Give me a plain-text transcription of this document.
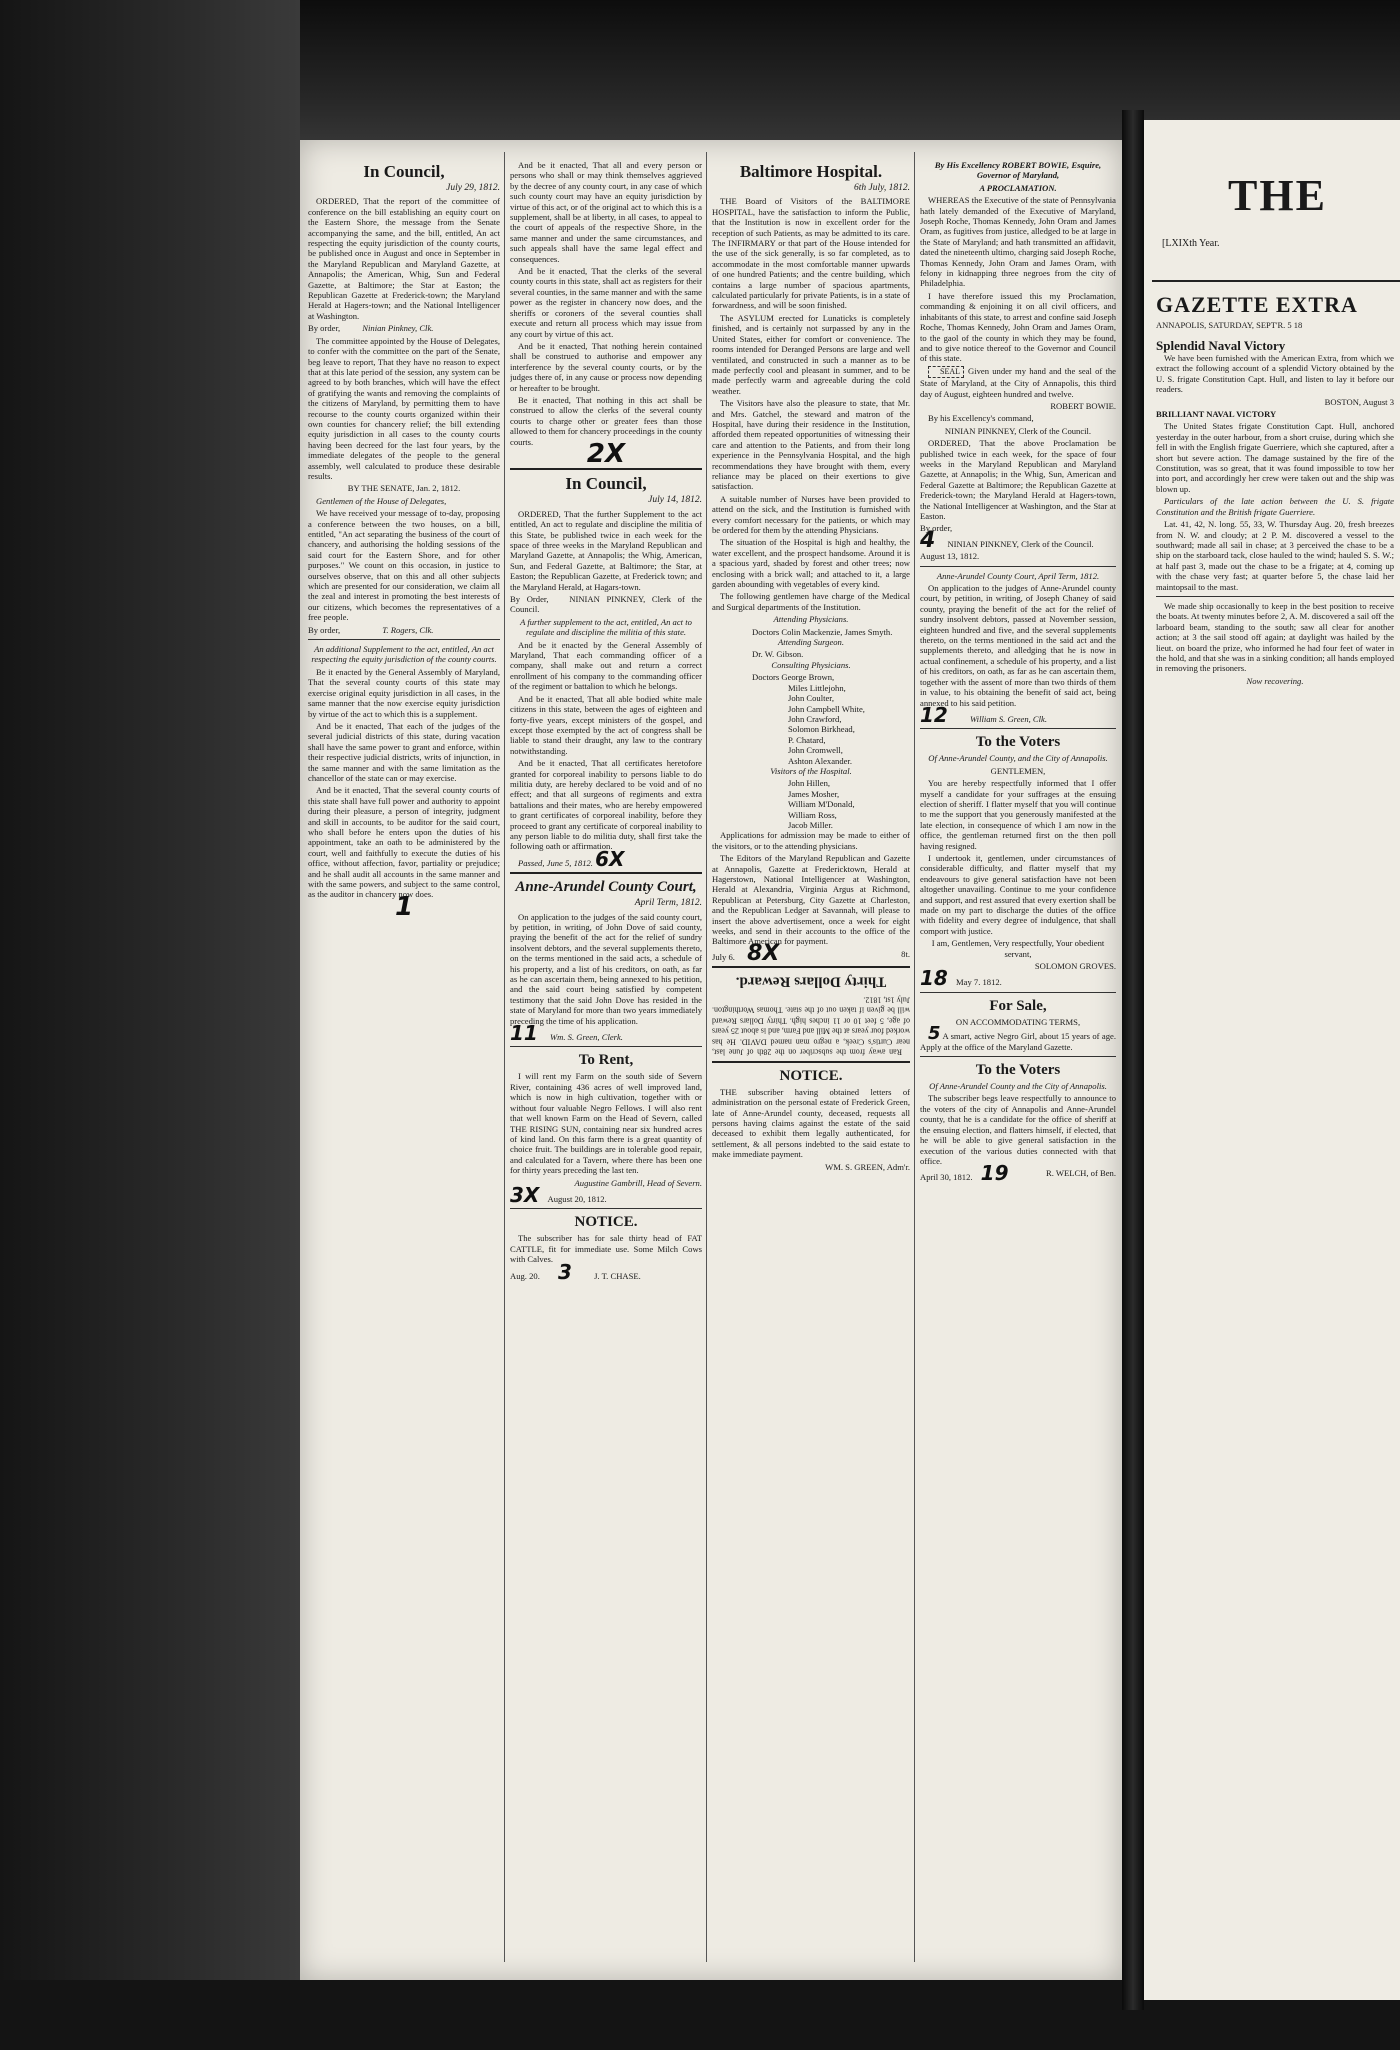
In Council,
July 29, 1812.

ORDERED, That the report of the committee of conference on the bill establishing an equity court on the Eastern Shore, the message from the Senate accompanying the same, and the bill, entitled, An act respecting the equity jurisdiction of the county courts, be published once in August and once in September in the Maryland Republican and Maryland Gazette, at Annapolis; the American, Whig, Sun and Federal Gazette, at Baltimore; the Star at Easton; the Republican Gazette at Frederick-town; the Maryland Herald at Hagers-town; and the National Intelligencer at Washington.

By order,	Ninian Pinkney, Clk.

The committee appointed by the House of Delegates, to confer with the committee on the part of the Senate, beg leave to report, That they have no reason to expect that at this late period of the session, any system can be agreed to by both branches, which will have the effect of gratifying the wants and removing the complaints of the citizens of Maryland, by permitting them to have recourse to the county courts organized within their own counties for chancery relief; the bill extending equity jurisdiction in all cases to the county courts having been decreed for the last four years, by the immediate delegates of the people to the general assembly, well calculated to produce these desirable results.

BY THE SENATE, Jan. 2, 1812.

Gentlemen of the House of Delegates,

We have received your message of to-day, proposing a conference between the two houses, on a bill, entitled, "An act separating the business of the court of chancery, and authorising the holding sessions of the said court for the Eastern Shore, and for other purposes." We count on this occasion, in justice to ourselves observe, that on this and all other subjects which are presented for our consideration, we claim all the zeal and interest in promoting the best interests of our citizens, which becomes the representatives of a free people.

By order,	T. Rogers, Clk.

An additional Supplement to the act, entitled, An act respecting the equity jurisdiction of the county courts.

Be it enacted by the General Assembly of Maryland, That the several county courts of this state may exercise original equity jurisdiction in all cases, in the same manner that the now exercise equity jurisdiction by virtue of the act to which this is a supplement.

And be it enacted, That each of the judges of the several judicial districts of this state, during vacation shall have the same power to grant and enforce, within their respective judicial districts, writs of injunction, in the same manner and with the same limitation as the chancellor of the state can or may exercise.

And be it enacted, That the several county courts of this state shall have full power and authority to appoint during their pleasure, a person of integrity, judgment and skill in accounts, to be auditor for the said court, who shall before he enters upon the duties of his appointment, take an oath to be administered by the court, well and faithfully to execute the duties of his office, without affection, favor, partiality or prejudice; and he shall audit all accounts in the same manner and with the same powers, and subject to the same control, as the auditor in chancery now does.

1

And be it enacted, That all and every person or persons who shall or may think themselves aggrieved by the decree of any county court, in any case of which such county court may have an equity jurisdiction by virtue of this act, or of the original act to which this is a supplement, shall be at liberty, in all cases, to appeal to the court of appeals of the respective Shore, in the same manner and under the same circumstances, and such appeals shall have the same legal effect and consequences.

And be it enacted, That the clerks of the several county courts in this state, shall act as registers for their several counties, in the same manner and with the same power as the register in chancery now does, and the sheriffs or coroners of the several counties shall execute and return all process which may issue from any court by virtue of this act.

And be it enacted, That nothing herein contained shall be construed to authorise and empower any interference by the several county courts, or by the judges there of, in any cause or process now depending or hereafter to be brought.

Be it enacted, That nothing in this act shall be construed to allow the clerks of the several county courts to charge other or greater fees than those allowed to them for chancery proceedings in the county courts.	2X
In Council,
July 14, 1812.

ORDERED, That the further Supplement to the act entitled, An act to regulate and discipline the militia of this State, be published twice in each week for the space of three weeks in the Maryland Republican and Maryland Gazette, at Annapolis; the Whig, American, Sun, and Federal Gazette, at Baltimore; the Star, at Easton; the Republican Gazette, at Frederick town; and the Maryland Herald, at Hagars-town.

By Order, NINIAN PINKNEY, Clerk of the Council.

A further supplement to the act, entitled, An act to regulate and discipline the militia of this state.

And be it enacted by the General Assembly of Maryland, That each commanding officer of a company, shall make out and return a correct enrollment of his company to the commanding officer of the regiment or battalion to which he belongs.

And be it enacted, That all able bodied white male citizens in this state, between the ages of eighteen and forty-five years, except ministers of the gospel, and except those exempted by the act of congress shall be liable to stand their draught, any law to the contrary notwithstanding.

And be it enacted, That all certificates heretofore granted for corporeal inability to persons liable to do militia duty, are hereby declared to be void and of no effect; and that all surgeons of regiments and extra battalions and their mates, who are hereby empowered to grant certificates of corporeal inability, before they proceed to grant any certificate of corporeal inability to any person liable to do militia duty, shall first take the following oath or affirmation.

Passed, June 5, 1812. 6X

Anne-Arundel County Court,
April Term, 1812.

On application to the judges of the said county court, by petition, in writing, of John Dove of said county, praying the benefit of the act for the relief of sundry insolvent debtors, and the several supplements thereto, on the terms mentioned in the said acts, a schedule of his property, and a list of his creditors, on oath, as far as he can ascertain them, being annexed to his petition, and the said court being satisfied by competent testimony that the said John Dove has resided in the state of Maryland for more than two years immediately preceding the time of his application.

11 Wm. S. Green, Clerk.

To Rent,

I will rent my Farm on the south side of Severn River, containing 436 acres of well improved land, which is now in high cultivation, together with or without four valuable Negro Fellows. I will also rent that well known Farm on the Head of Severn, called THE RISING SUN, containing near six hundred acres of kind land. On this farm there is a great quantity of choice fruit. The buildings are in tolerable good repair, and calculated for a Tavern, where there has been one for thirty years preceding the last ten.

Augustine Gambrill, Head of Severn.

3X August 20, 1812.

NOTICE.

The subscriber has for sale thirty head of FAT CATTLE, fit for immediate use. Some Milch Cows with Calves.

Aug. 20. 3	J. T. CHASE.

Baltimore Hospital.
6th July, 1812.

THE Board of Visitors of the BALTIMORE HOSPITAL, have the satisfaction to inform the Public, that the Institution is now in excellent order for the reception of such Patients, as may be admitted to its care. The INFIRMARY or that part of the House intended for the use of the sick generally, is so far completed, as to accommodate in the most comfortable manner upwards of one hundred Patients; and the centre building, which contains a large number of spacious apartments, calculated particularly for private Patients, is in a state of forwardness, and will be soon finished.

The ASYLUM erected for Lunaticks is completely finished, and is certainly not surpassed by any in the United States, either for comfort or convenience. The rooms intended for Deranged Persons are large and well ventilated, and constructed in such a manner as to be made perfectly cool and pleasant in summer, and to be made perfectly warm and agreeable during the cold weather.

The Visitors have also the pleasure to state, that Mr. and Mrs. Gatchel, the steward and matron of the Hospital, have during their residence in the Institution, afforded them repeated opportunities of witnessing their care and attention to the Patients, and from their long experience in the Pennsylvania Hospital, and the high recommendations they have brought with them, every reliance may be placed on their exertions to give satisfaction.

A suitable number of Nurses have been provided to attend on the sick, and the Institution is furnished with every comfort necessary for the patients, or which may be ordered for them by the attending Physicians.

The situation of the Hospital is high and healthy, the water excellent, and the prospect handsome. Around it is a spacious yard, shaded by forest and other trees; now enclosing with a brick wall; and attached to it, a large garden abounding with vegetables of every kind.

The following gentlemen have charge of the Medical and Surgical departments of the Institution.

Attending Physicians.

Doctors Colin Mackenzie, James Smyth.

Attending Surgeon.

Dr. W. Gibson.

Consulting Physicians.

Doctors George Brown,

Miles Littlejohn,

John Coulter,

John Campbell White,

John Crawford,

Solomon Birkhead,

P. Chatard,

John Cromwell,

Ashton Alexander.

Visitors of the Hospital.

John Hillen,

James Mosher,

William M'Donald,

William Ross,

Jacob Miller.

Applications for admission may be made to either of the visitors, or to the attending physicians.

The Editors of the Maryland Republican and Gazette at Annapolis, Gazette at Fredericktown, Herald at Hagerstown, National Intelligencer at Washington, Herald at Alexandria, Virginia Argus at Richmond, Republican at Petersburg, City Gazette at Charleston, and the Republican Ledger at Savannah, will please to insert the above advertisement, once a week for eight weeks, and send in their accounts to the office of the Baltimore American for payment.

July 6. 8X	8t.

Ran away from the subscriber on the 28th of June last, near Curtis's Creek, a negro man named DAVID. He has worked four years at the Mill and Farm, and is about 25 years of age, 5 feet 10 or 11 inches high. Thirty Dollars Reward will be given if taken out of the state. Thomas Worthington. July 1st, 1812.

Thirty Dollars Reward.
NOTICE.

THE subscriber having obtained letters of administration on the personal estate of Frederick Green, late of Anne-Arundel county, deceased, requests all persons having claims against the estate of the said deceased to exhibit them legally authenticated, for settlement, & all persons indebted to the said estate to make immediate payment.

WM. S. GREEN, Adm'r.

By His Excellency ROBERT BOWIE, Esquire, Governor of Maryland,

A PROCLAMATION.

WHEREAS the Executive of the state of Pennsylvania hath lately demanded of the Executive of Maryland, Joseph Roche, Thomas Kennedy, John Oram and James Oram, as fugitives from justice, alledged to be at large in the State of Maryland; and hath transmitted an affidavit, dated the nineteenth ultimo, charging said Joseph Roche, Thomas Kennedy, John Oram and James Oram, with felony in kidnapping three negroes from the city of Philadelphia.

I have therefore issued this my Proclamation, commanding & enjoining it on all civil officers, and inhabitants of this state, to arrest and confine said Joseph Roche, Thomas Kennedy, John Oram and James Oram, to the gaol of the county in which they may be found, and to give notice thereof to the Governor and Council of this state.

SEAL Given under my hand and the seal of the State of Maryland, at the City of Annapolis, this third day of August, eighteen hundred and twelve.

ROBERT BOWIE.

By his Excellency's command,

NINIAN PINKNEY, Clerk of the Council.

ORDERED, That the above Proclamation be published twice in each week, for the space of four weeks in the Maryland Republican and Maryland Gazette, at Annapolis; in the Whig, Sun, American and Federal Gazette at Baltimore; the Republican Gazette at Frederick-town; the Maryland Herald at Hagers-town, the National Intelligencer at Washington, and the Star at Easton.

By order,

4 NINIAN PINKNEY, Clerk of the Council.

August 13, 1812.

Anne-Arundel County Court, April Term, 1812.

On application to the judges of Anne-Arundel county court, by petition, in writing, of Joseph Chaney of said county, praying the benefit of the act for the relief of sundry insolvent debtors, passed at November session, eighteen hundred and five, and the several supplements thereto, on the terms mentioned in the said act and the supplements thereto, and alledging that he is now in actual confinement, a schedule of his property, and a list of his creditors, on oath, as far as he can ascertain them, together with the assent of more than two thirds of them in value, to his obtaining the benefit of said act, being annexed to his said petition.

12	William S. Green, Clk.

To the Voters

Of Anne-Arundel County, and the City of Annapolis.

GENTLEMEN,

You are hereby respectfully informed that I offer myself a candidate for your suffrages at the ensuing election of sheriff. I flatter myself that you will continue to me the support that you generously manifested at the late election, in consequence of which I am now in the office, the gentleman returned first on the then poll having resigned.

I undertook it, gentlemen, under circumstances of considerable difficulty, and flatter myself that my endeavours to give general satisfaction have not been altogether unavailing. Continue to me your confidence and support, and rest assured that every exertion shall be made on my part to discharge the duties of the office with fidelity and every degree of indulgence, that shall comport with justice.

I am, Gentlemen, Very respectfully, Your obedient servant,

SOLOMON GROVES.

18 May 7. 1812.

For Sale,

ON ACCOMMODATING TERMS,

5 A smart, active Negro Girl, about 15 years of age. Apply at the office of the Maryland Gazette.

To the Voters

Of Anne-Arundel County and the City of Annapolis.

The subscriber begs leave respectfully to announce to the voters of the city of Annapolis and Anne-Arundel county, that he is a candidate for the office of sheriff at the ensuing election, and flatters himself, if elected, that he will be able to give general satisfaction in the execution of the various duties connected with that office.

April 30, 1812. 19	R. WELCH, of Ben.

THE
[LXIXth Year.
GAZETTE EXTRA
ANNAPOLIS, SATURDAY, SEPT'R. 5 18
Splendid Naval Victory

We have been furnished with the American Extra, from which we extract the following account of a splendid Victory obtained by the U. S. frigate Constitution Capt. Hull, and listen to lay it before our readers.

BOSTON, August 3

BRILLIANT NAVAL VICTORY

The United States frigate Constitution Capt. Hull, anchored yesterday in the outer harbour, from a short cruise, during which she fell in with the English frigate Guerriere, which she captured, after a short but severe action. The damage sustained by the fire of the Constitution, was so great, that it was found impossible to tow her into port, and accordingly her crew were taken out and the ship was blown up.

Particulars of the late action between the U. S. frigate Constitution and the British frigate Guerriere.

Lat. 41, 42, N. long. 55, 33, W. Thursday Aug. 20, fresh breezes from N. W. and cloudy; at 2 P. M. discovered a vessel to the southward; made all sail in chase; at 3 perceived the chase to be a ship on the starboard tack, close hauled to the wind; hauled S. S. W.; at half past 3, made out the chase to be a frigate; at 4, coming up with the chase very fast; at quarter before 5, the chase laid her maintopsail to the mast.

We made ship occasionally to keep in the best position to receive the boats. At twenty minutes before 2, A. M. discovered a sail off the larboard beam, standing to the south; saw all clear for another action; at 3 the sail stood off again; at daylight was hailed by the lieut. on board the prize, who informed he had four feet of water in the hold, and that she was in a sinking condition; all hands employed in removing the prisoners.

Now recovering.
